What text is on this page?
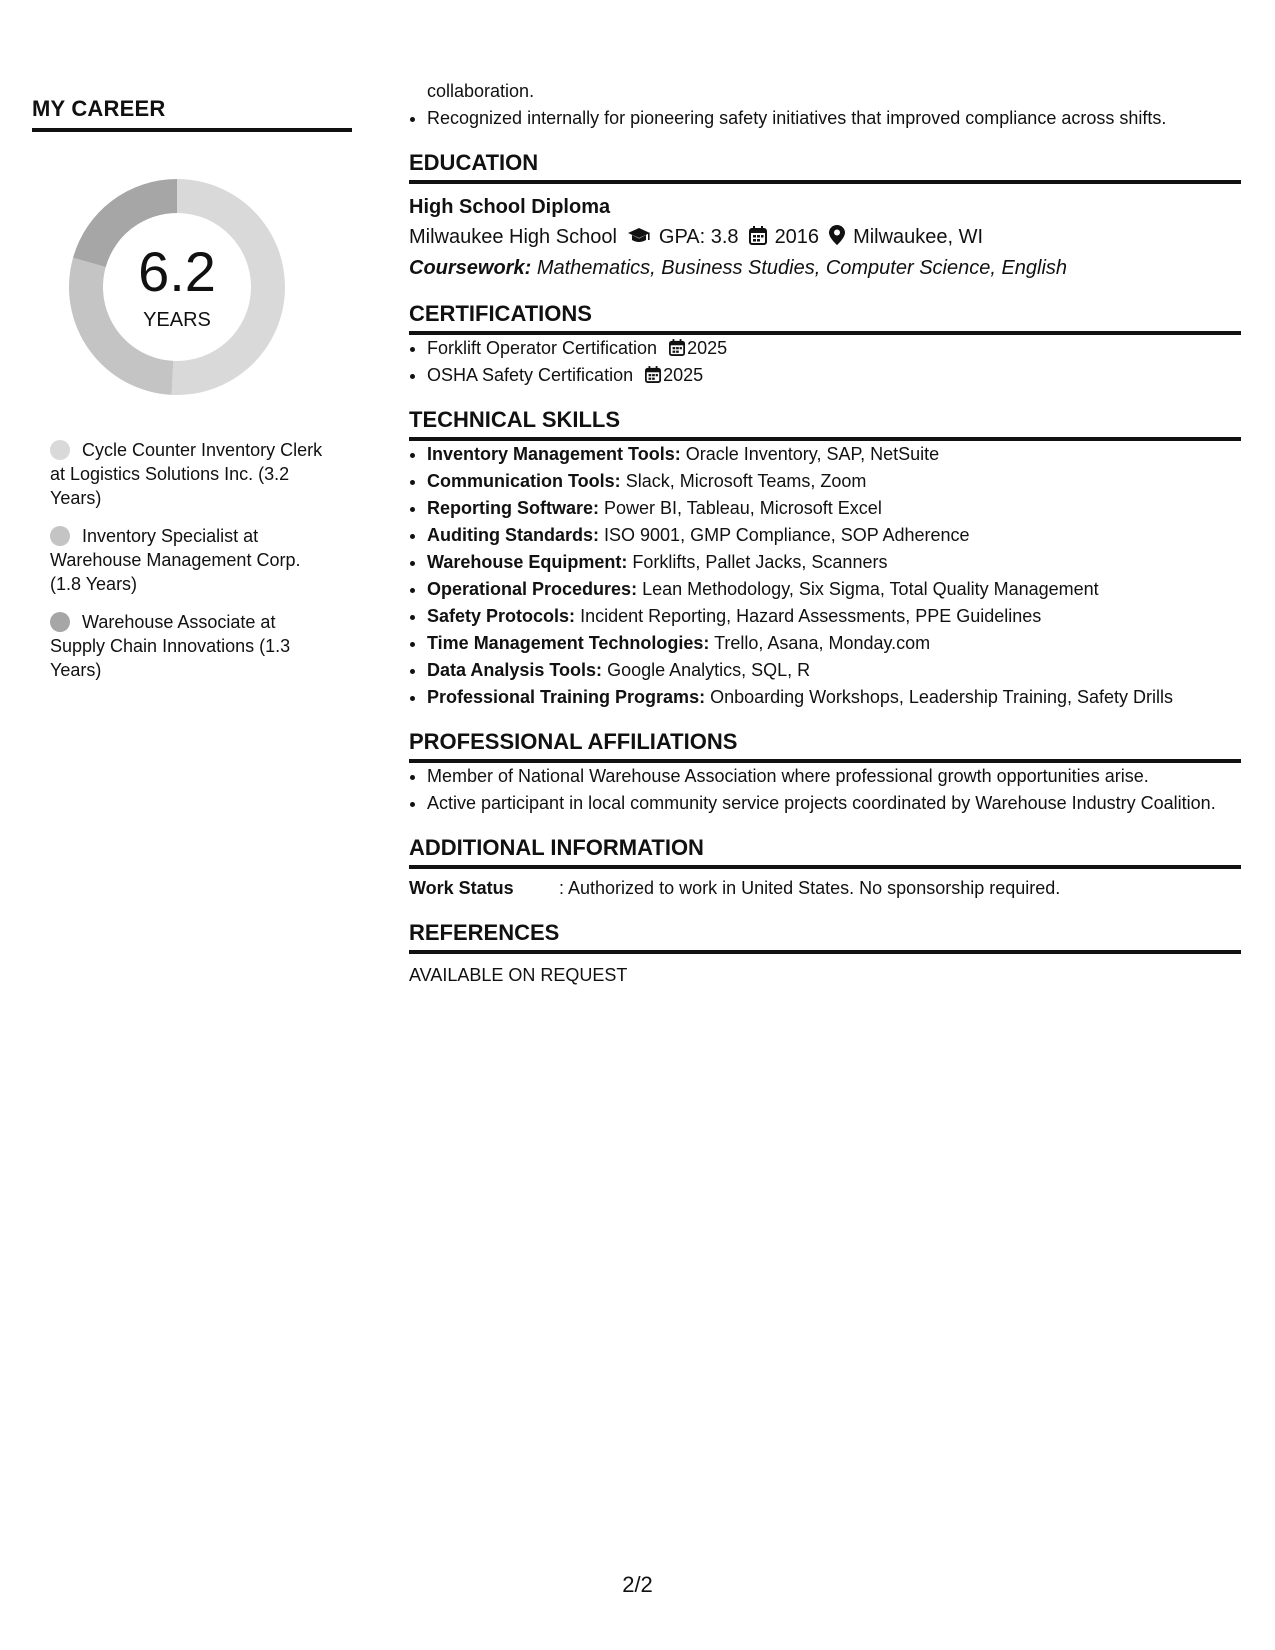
MY CAREER
6.2
YEARS
Cycle Counter Inventory Clerk at Logistics Solutions Inc. (3.2 Years)
Inventory Specialist at Warehouse Management Corp. (1.8 Years)
Warehouse Associate at Supply Chain Innovations (1.3 Years)

collaboration.

• Recognized internally for pioneering safety initiatives that improved compliance across shifts.
EDUCATION
High School Diploma
Milwaukee High School GPA: 3.8 2016 Milwaukee, WI
Coursework: Mathematics, Business Studies, Computer Science, English
CERTIFICATIONS
• Forklift Operator Certification 2025
• OSHA Safety Certification 2025
TECHNICAL SKILLS
• Inventory Management Tools: Oracle Inventory, SAP, NetSuite
• Communication Tools: Slack, Microsoft Teams, Zoom
• Reporting Software: Power BI, Tableau, Microsoft Excel
• Auditing Standards: ISO 9001, GMP Compliance, SOP Adherence
• Warehouse Equipment: Forklifts, Pallet Jacks, Scanners
• Operational Procedures: Lean Methodology, Six Sigma, Total Quality Management
• Safety Protocols: Incident Reporting, Hazard Assessments, PPE Guidelines
• Time Management Technologies: Trello, Asana, Monday.com
• Data Analysis Tools: Google Analytics, SQL, R
• Professional Training Programs: Onboarding Workshops, Leadership Training, Safety Drills
PROFESSIONAL AFFILIATIONS
• Member of National Warehouse Association where professional growth opportunities arise.
• Active participant in local community service projects coordinated by Warehouse Industry Coalition.
ADDITIONAL INFORMATION
Work Status	: Authorized to work in United States. No sponsorship required.
REFERENCES
AVAILABLE ON REQUEST
2/2
